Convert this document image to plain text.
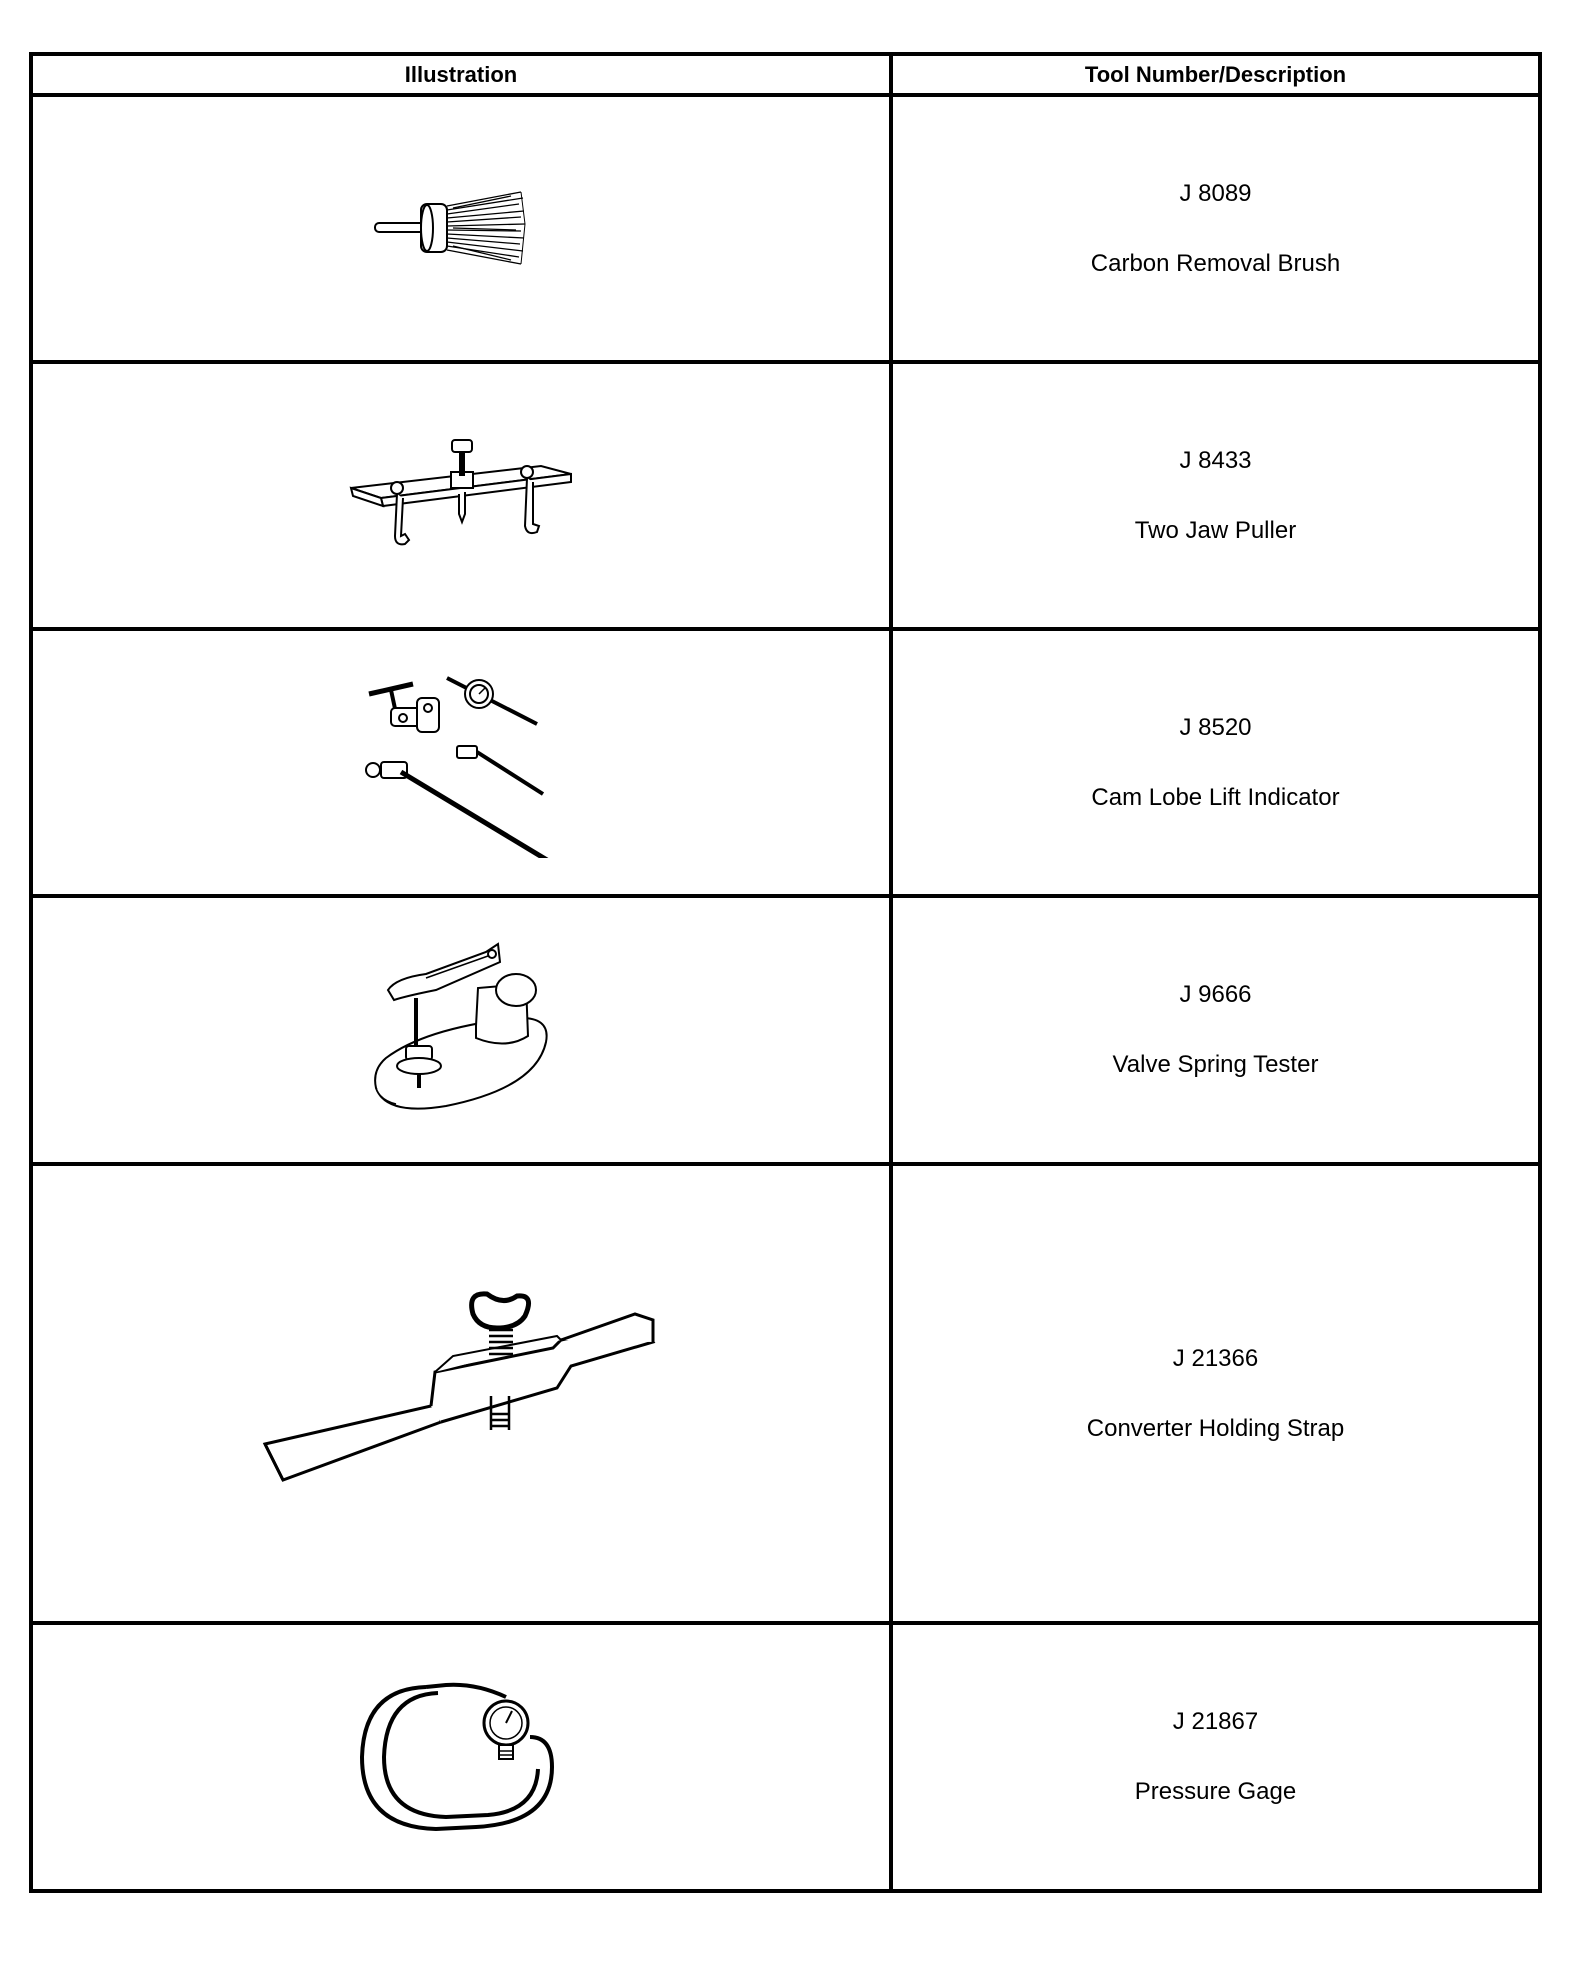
Illustration	Tool Number/Description

J 8089
Carbon Removal Brush

J 8433
Two Jaw Puller

J 8520
Cam Lobe Lift Indicator

J 9666
Valve Spring Tester

J 21366
Converter Holding Strap

J 21867
Pressure Gage
